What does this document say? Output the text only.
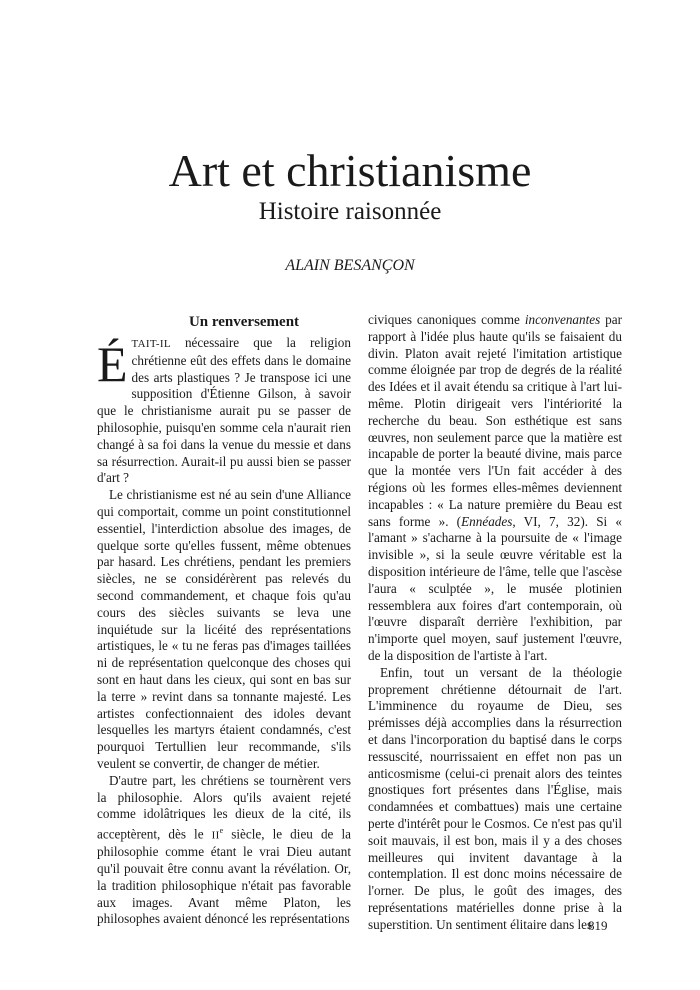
Art et christianisme
Histoire raisonnée
ALAIN BESANÇON
Un renversement

ÉTAIT-IL nécessaire que la religion chrétienne eût des effets dans le domaine des arts plastiques ? Je transpose ici une supposition d'Étienne Gilson, à savoir que le christianisme aurait pu se passer de philosophie, puisqu'en somme cela n'aurait rien changé à sa foi dans la venue du messie et dans sa résurrection. Aurait-il pu aussi bien se passer d'art ?

Le christianisme est né au sein d'une Alliance qui comportait, comme un point constitutionnel essentiel, l'interdiction absolue des images, de quelque sorte qu'elles fussent, même obtenues par hasard. Les chrétiens, pendant les premiers siècles, ne se considérèrent pas relevés du second commandement, et chaque fois qu'au cours des siècles suivants se leva une inquiétude sur la licéité des représentations artistiques, le « tu ne feras pas d'images taillées ni de représentation quelconque des choses qui sont en haut dans les cieux, qui sont en bas sur la terre » revint dans sa tonnante majesté. Les artistes confectionnaient des idoles devant lesquelles les martyrs étaient condamnés, c'est pourquoi Tertullien leur recommande, s'ils veulent se convertir, de changer de métier.

D'autre part, les chrétiens se tournèrent vers la philosophie. Alors qu'ils avaient rejeté comme idolâtriques les dieux de la cité, ils acceptèrent, dès le IIe siècle, le dieu de la philosophie comme étant le vrai Dieu autant qu'il pouvait être connu avant la révélation. Or, la tradition philosophique n'était pas favorable aux images. Avant même Platon, les philosophes avaient dénoncé les représentations

civiques canoniques comme inconvenantes par rapport à l'idée plus haute qu'ils se faisaient du divin. Platon avait rejeté l'imitation artistique comme éloignée par trop de degrés de la réalité des Idées et il avait étendu sa critique à l'art lui-même. Plotin dirigeait vers l'intériorité la recherche du beau. Son esthétique est sans œuvres, non seulement parce que la matière est incapable de porter la beauté divine, mais parce que la montée vers l'Un fait accéder à des régions où les formes elles-mêmes deviennent incapables : « La nature première du Beau est sans forme ». (Ennéades, VI, 7, 32). Si « l'amant » s'acharne à la poursuite de « l'image invisible », si la seule œuvre véritable est la disposition intérieure de l'âme, telle que l'ascèse l'aura « sculptée », le musée plotinien ressemblera aux foires d'art contemporain, où l'œuvre disparaît derrière l'exhibition, par n'importe quel moyen, sauf justement l'œuvre, de la disposition de l'artiste à l'art.

Enfin, tout un versant de la théologie proprement chrétienne détournait de l'art. L'imminence du royaume de Dieu, ses prémisses déjà accomplies dans la résurrection et dans l'incorporation du baptisé dans le corps ressuscité, nourrissaient en effet non pas un anticosmisme (celui-ci prenait alors des teintes gnostiques fort présentes dans l'Église, mais condamnées et combattues) mais une certaine perte d'intérêt pour le Cosmos. Ce n'est pas qu'il soit mauvais, il est bon, mais il y a des choses meilleures qui invitent davantage à la contemplation. Il est donc moins nécessaire de l'orner. De plus, le goût des images, des représentations matérielles donne prise à la superstition. Un sentiment élitaire dans les

819
